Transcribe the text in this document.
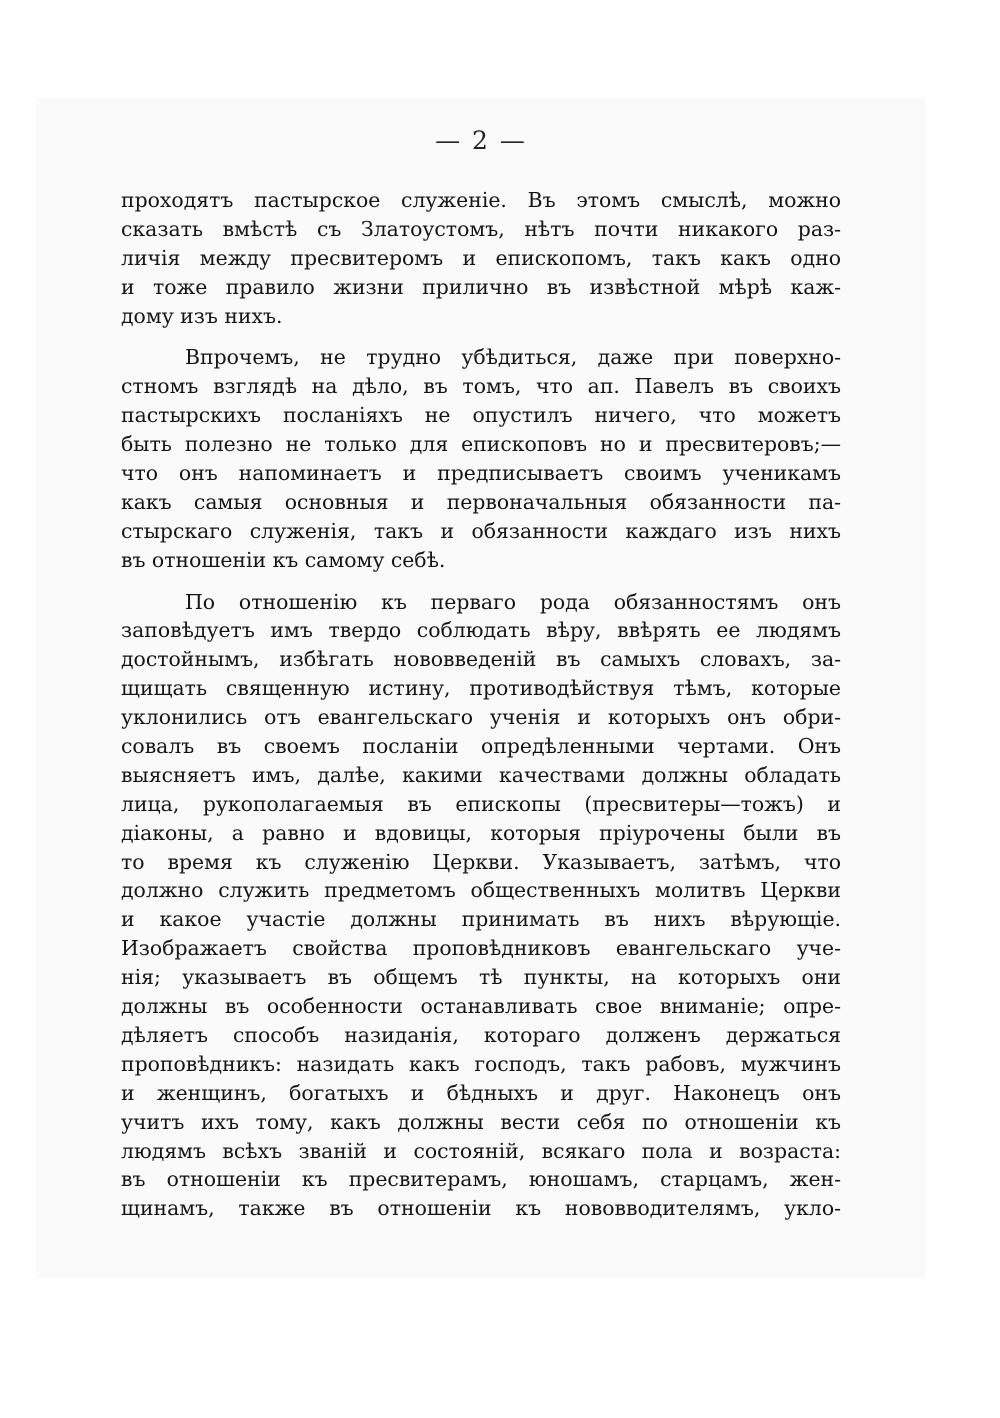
— 2 —
проходятъ пастырское служеніе. Въ этомъ смыслѣ, можно
сказать вмѣстѣ съ Златоустомъ, нѣтъ почти никакого раз-
личія между пресвитеромъ и епископомъ, такъ какъ одно
и тоже правило жизни прилично въ извѣстной мѣрѣ каж-
дому изъ нихъ.
Впрочемъ, не трудно убѣдиться, даже при поверхно-
стномъ взглядѣ на дѣло, въ томъ, что ап. Павелъ въ своихъ
пастырскихъ посланіяхъ не опустилъ ничего, что можетъ
быть полезно не только для епископовъ но и пресвитеровъ;—
что онъ напоминаетъ и предписываетъ своимъ ученикамъ
какъ самыя основныя и первоначальныя обязанности па-
стырскаго служенія, такъ и обязанности каждаго изъ нихъ
въ отношеніи къ самому себѣ.
По отношенію къ перваго рода обязанностямъ онъ
заповѣдуетъ имъ твердо соблюдать вѣру, ввѣрять ее людямъ
достойнымъ, избѣгать нововведеній въ самыхъ словахъ, за-
щищать священную истину, противодѣйствуя тѣмъ, которые
уклонились отъ евангельскаго ученія и которыхъ онъ обри-
совалъ въ своемъ посланіи опредѣленными чертами. Онъ
выясняетъ имъ, далѣе, какими качествами должны обладать
лица, рукополагаемыя въ епископы (пресвитеры—тожъ) и
діаконы, а равно и вдовицы, которыя пріурочены были въ
то время къ служенію Церкви. Указываетъ, затѣмъ, что
должно служить предметомъ общественныхъ молитвъ Церкви
и какое участіе должны принимать въ нихъ вѣрующіе.
Изображаетъ свойства проповѣдниковъ евангельскаго уче-
нія; указываетъ въ общемъ тѣ пункты, на которыхъ они
должны въ особенности останавливать свое вниманіе; опре-
дѣляетъ способъ назиданія, котораго долженъ держаться
проповѣдникъ: назидать какъ господъ, такъ рабовъ, мужчинъ
и женщинъ, богатыхъ и бѣдныхъ и друг. Наконецъ онъ
учитъ ихъ тому, какъ должны вести себя по отношеніи къ
людямъ всѣхъ званій и состояній, всякаго пола и возраста:
въ отношеніи къ пресвитерамъ, юношамъ, старцамъ, жен-
щинамъ, также въ отношеніи къ нововводителямъ, укло-
